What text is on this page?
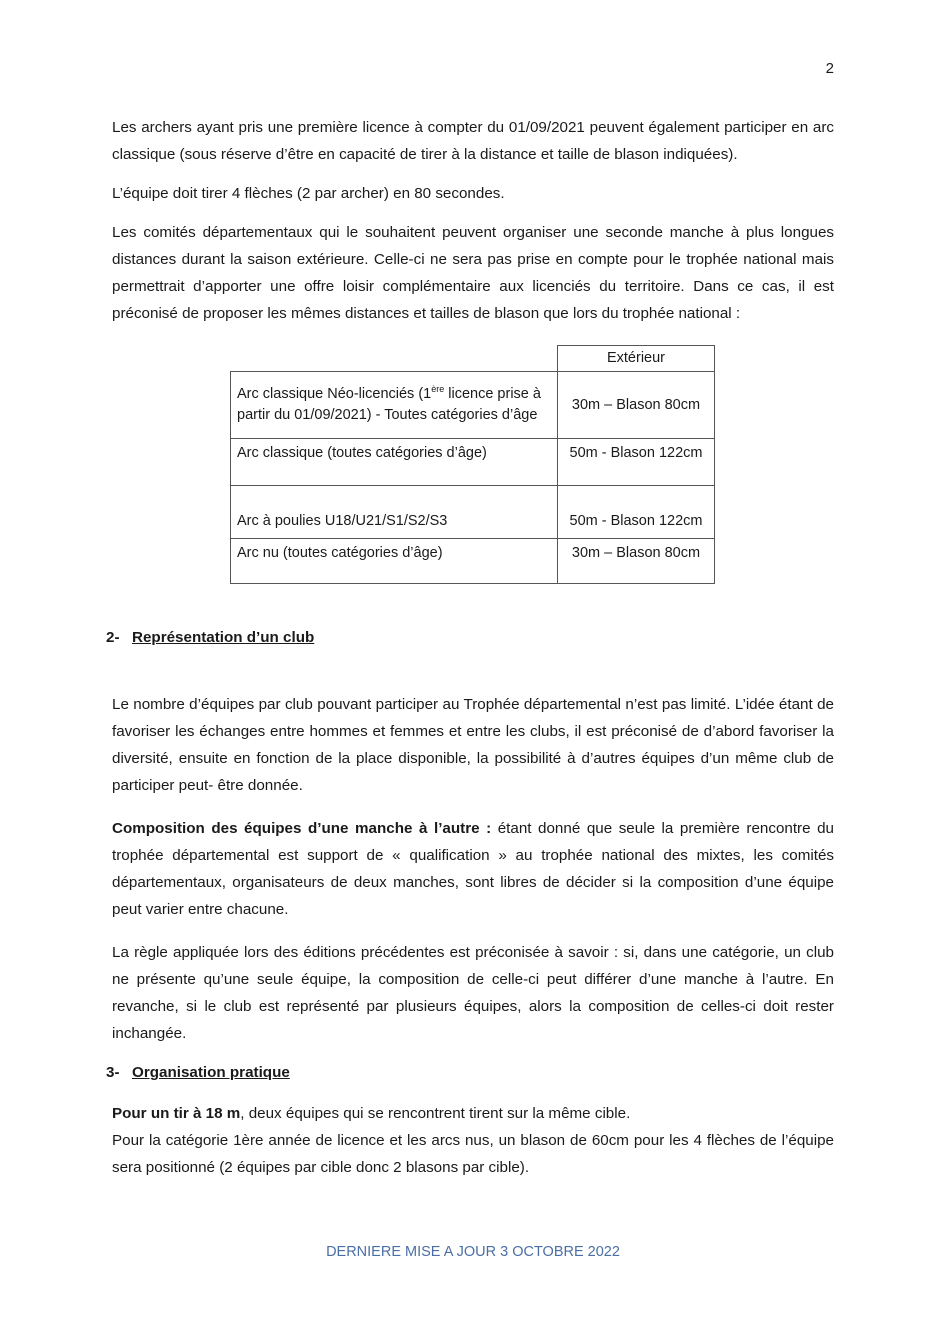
2

Les archers ayant pris une première licence à compter du 01/09/2021 peuvent également participer en arc classique (sous réserve d’être en capacité de tirer à la distance et taille de blason indiquées).

L’équipe doit tirer 4 flèches (2 par archer) en 80 secondes.

Les comités départementaux qui le souhaitent peuvent organiser une seconde manche à plus longues distances durant la saison extérieure. Celle-ci ne sera pas prise en compte pour le trophée national mais permettrait d’apporter une offre loisir complémentaire aux licenciés du territoire. Dans ce cas, il est préconisé de proposer les mêmes distances et tailles de blason que lors du trophée national :

	Extérieur
Arc classique Néo-licenciés (1ère licence prise à partir du 01/09/2021) - Toutes catégories d’âge	30m – Blason 80cm
Arc classique (toutes catégories d’âge)	50m - Blason 122cm
Arc à poulies U18/U21/S1/S2/S3	50m - Blason 122cm
Arc nu (toutes catégories d’âge)	30m – Blason 80cm
2- Représentation d’un club

Le nombre d’équipes par club pouvant participer au Trophée départemental n’est pas limité. L’idée étant de favoriser les échanges entre hommes et femmes et entre les clubs, il est préconisé de d’abord favoriser la diversité, ensuite en fonction de la place disponible, la possibilité à d’autres équipes d’un même club de participer peut- être donnée.

Composition des équipes d’une manche à l’autre : étant donné que seule la première rencontre du trophée départemental est support de « qualification » au trophée national des mixtes, les comités départementaux, organisateurs de deux manches, sont libres de décider si la composition d’une équipe peut varier entre chacune.

La règle appliquée lors des éditions précédentes est préconisée à savoir : si, dans une catégorie, un club ne présente qu’une seule équipe, la composition de celle-ci peut différer d’une manche à l’autre. En revanche, si le club est représenté par plusieurs équipes, alors la composition de celles-ci doit rester inchangée.

3- Organisation pratique

Pour un tir à 18 m, deux équipes qui se rencontrent tirent sur la même cible.

Pour la catégorie 1ère année de licence et les arcs nus, un blason de 60cm pour les 4 flèches de l’équipe sera positionné (2 équipes par cible donc 2 blasons par cible).

DERNIERE MISE A JOUR 3 OCTOBRE 2022
